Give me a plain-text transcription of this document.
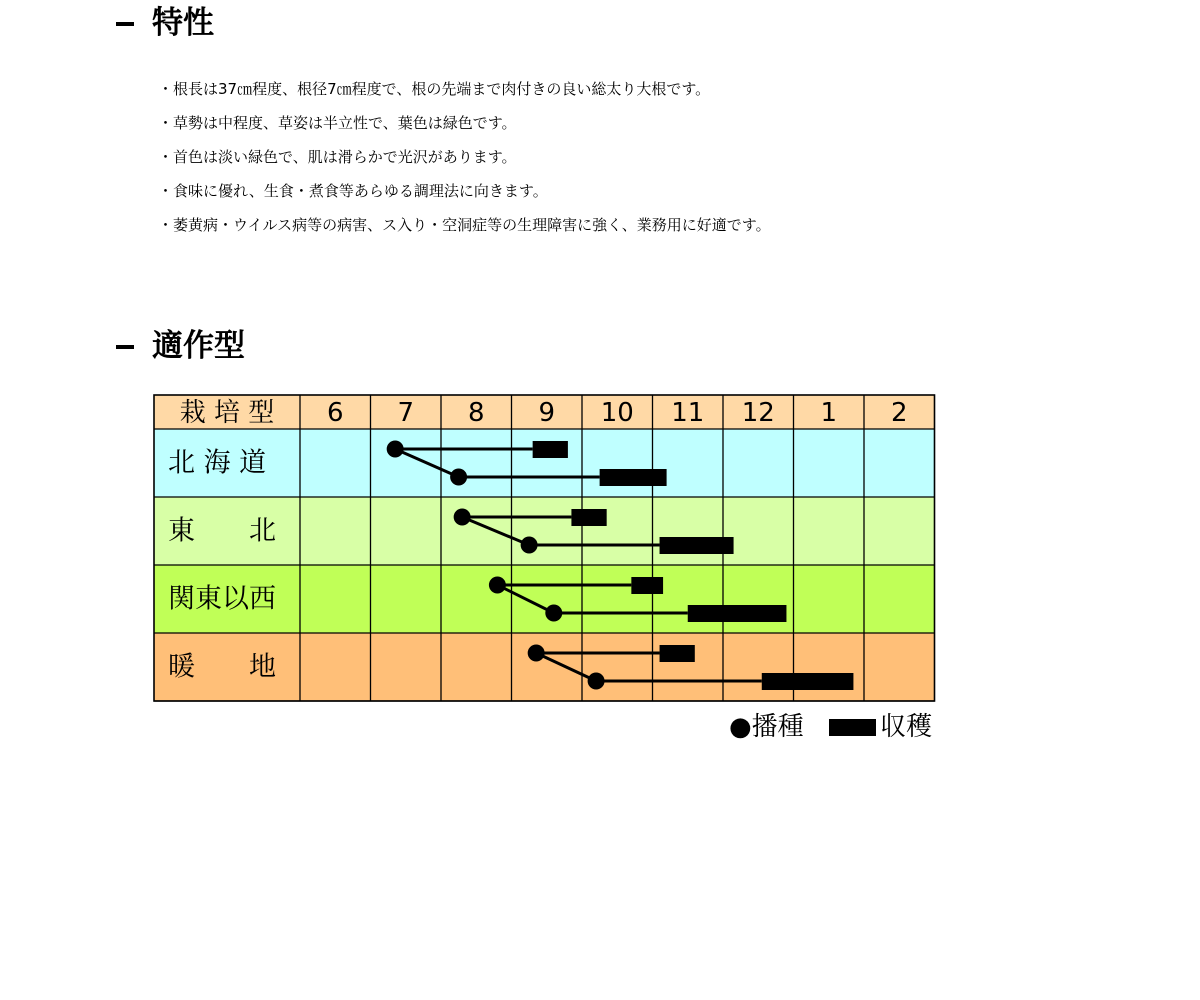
特性
・根長は37㎝程度、根径7㎝程度で、根の先端まで肉付きの良い総太り大根です。
・草勢は中程度、草姿は半立性で、葉色は緑色です。
・首色は淡い緑色で、肌は滑らかで光沢があります。
・食味に優れ、生食・煮食等あらゆる調理法に向きます。
・萎黄病・ウイルス病等の病害、ス入り・空洞症等の生理障害に強く、業務用に好適です。
適作型
栽 培 型 6 7 8 9 10 11 12 1 2
北 海 道
東　　北
関東以西
暖　　地
●播種	収穫
